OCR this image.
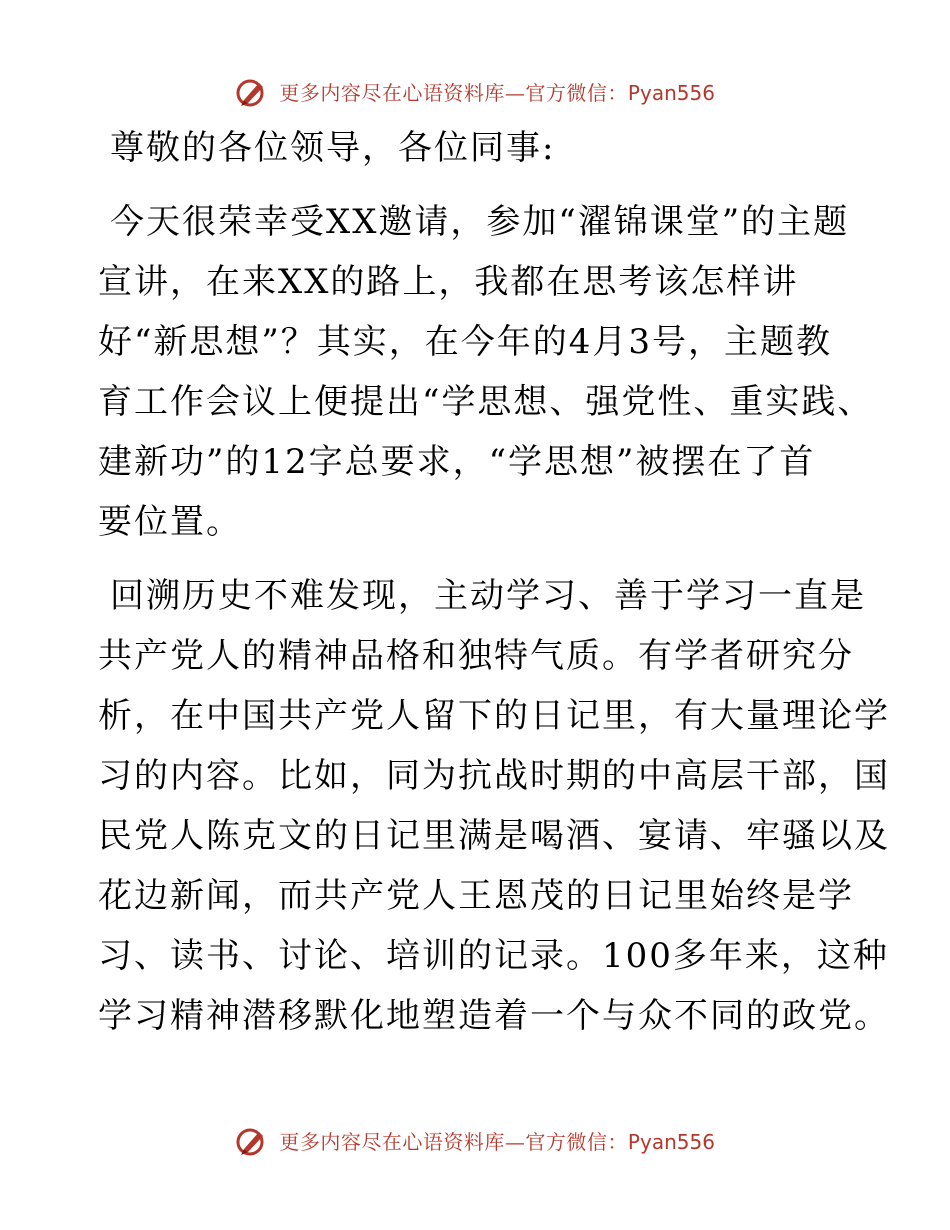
更多内容尽在心语资料库—官方微信：Pyan556

尊敬的各位领导，各位同事:

今天很荣幸受XX邀请，参加“濯锦课堂”的主题
宣讲，在来XX的路上，我都在思考该怎样讲
好“新思想”？其实，在今年的4月3号，主题教
育工作会议上便提出“学思想、强党性、重实践、
建新功”的12字总要求，“学思想”被摆在了首
要位置。

回溯历史不难发现，主动学习、善于学习一直是
共产党人的精神品格和独特气质。有学者研究分
析，在中国共产党人留下的日记里，有大量理论学
习的内容。比如，同为抗战时期的中高层干部，国
民党人陈克文的日记里满是喝酒、宴请、牢骚以及
花边新闻，而共产党人王恩茂的日记里始终是学
习、读书、讨论、培训的记录。100多年来，这种
学习精神潜移默化地塑造着一个与众不同的政党。

更多内容尽在心语资料库—官方微信：Pyan556
